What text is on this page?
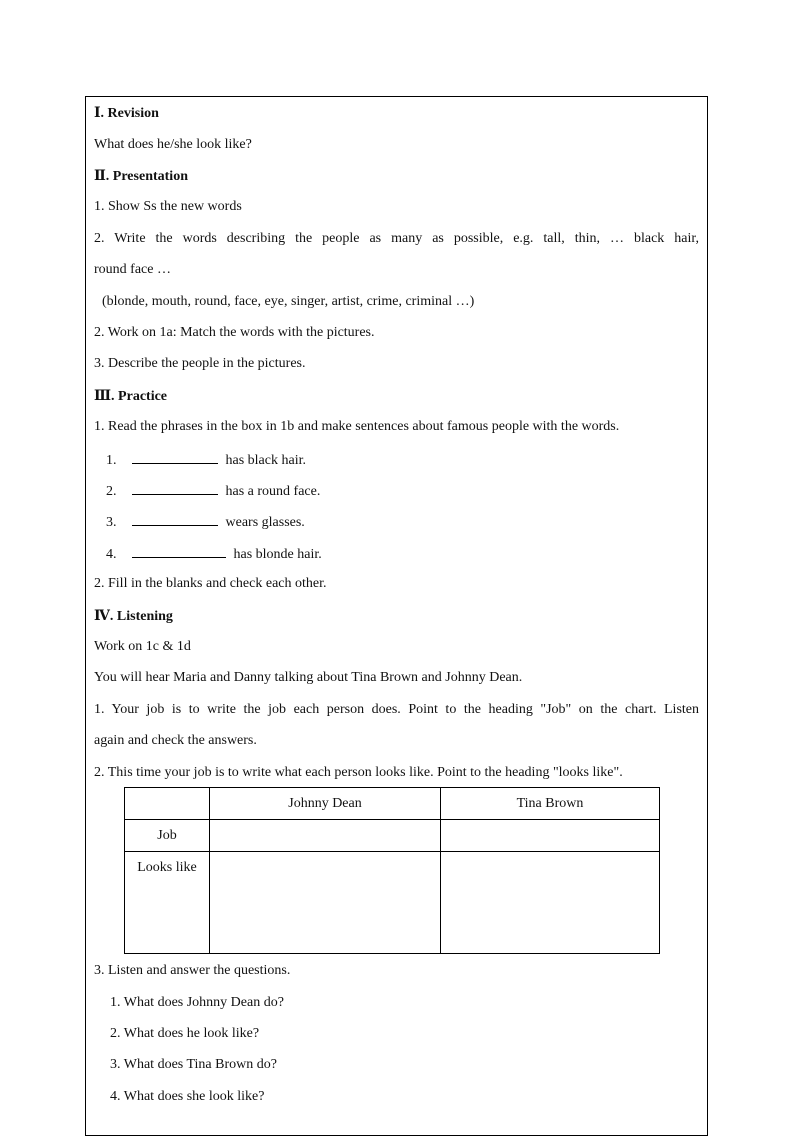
Ⅰ. Revision
What does he/she look like?
Ⅱ. Presentation
1. Show Ss the new words
2. Write the words describing the people as many as possible, e.g. tall, thin, … black hair,
round face …
(blonde, mouth, round, face, eye, singer, artist, crime, criminal …)
2. Work on 1a: Match the words with the pictures.
3. Describe the people in the pictures.
Ⅲ. Practice
1. Read the phrases in the box in 1b and make sentences about famous people with the words.
1.	has black hair.
2.	has a round face.
3.	wears glasses.
4.	has blonde hair.
2. Fill in the blanks and check each other.
Ⅳ. Listening
Work on 1c & 1d
You will hear Maria and Danny talking about Tina Brown and Johnny Dean.
1. Your job is to write the job each person does. Point to the heading "Job" on the chart. Listen
again and check the answers.
2. This time your job is to write what each person looks like. Point to the heading "looks like".
	Johnny Dean	Tina Brown
Job		
Looks like		
3. Listen and answer the questions.
1. What does Johnny Dean do?
2. What does he look like?
3. What does Tina Brown do?
4. What does she look like?
